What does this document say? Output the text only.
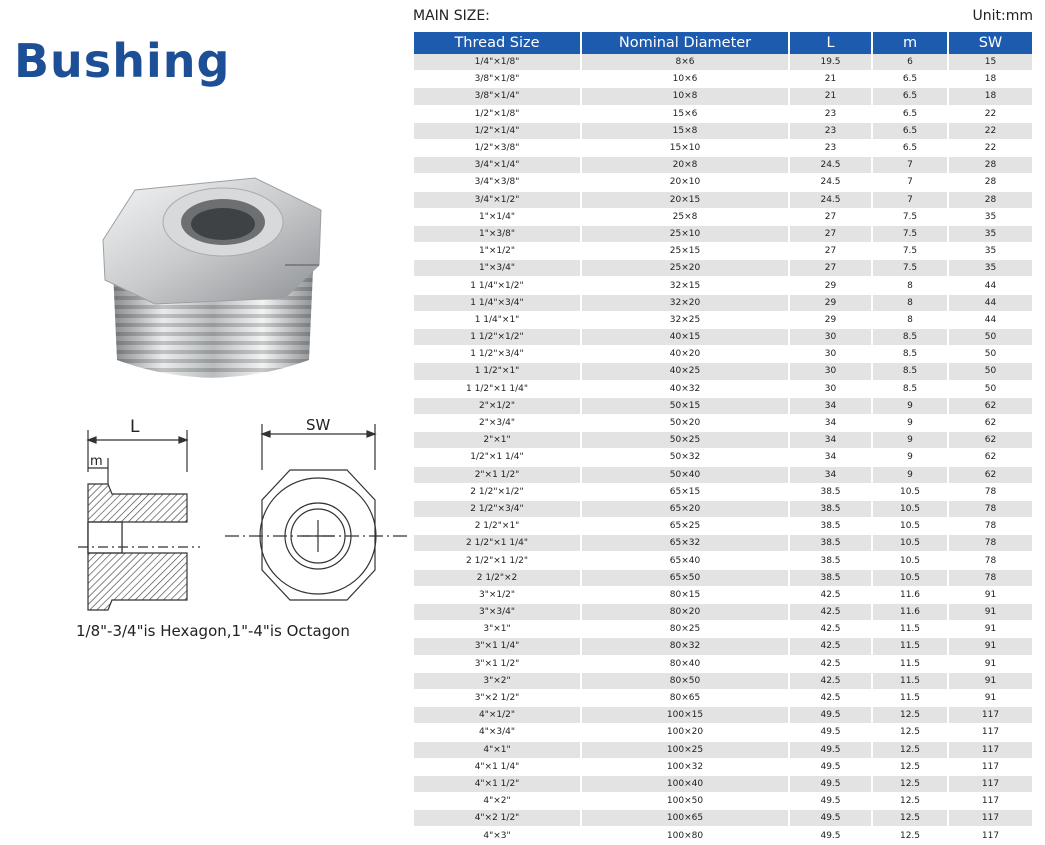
Bushing
L
m
SW
1/8"-3/4"is Hexagon,1"-4"is Octagon
MAIN SIZE:	Unit:mm
Thread Size	Nominal Diameter	L	m	SW
1/4"×1/8"	8×6	19.5	6	15
3/8"×1/8"	10×6	21	6.5	18
3/8"×1/4"	10×8	21	6.5	18
1/2"×1/8"	15×6	23	6.5	22
1/2"×1/4"	15×8	23	6.5	22
1/2"×3/8"	15×10	23	6.5	22
3/4"×1/4"	20×8	24.5	7	28
3/4"×3/8"	20×10	24.5	7	28
3/4"×1/2"	20×15	24.5	7	28
1"×1/4"	25×8	27	7.5	35
1"×3/8"	25×10	27	7.5	35
1"×1/2"	25×15	27	7.5	35
1"×3/4"	25×20	27	7.5	35
1 1/4"×1/2"	32×15	29	8	44
1 1/4"×3/4"	32×20	29	8	44
1 1/4"×1"	32×25	29	8	44
1 1/2"×1/2"	40×15	30	8.5	50
1 1/2"×3/4"	40×20	30	8.5	50
1 1/2"×1"	40×25	30	8.5	50
1 1/2"×1 1/4"	40×32	30	8.5	50
2"×1/2"	50×15	34	9	62
2"×3/4"	50×20	34	9	62
2"×1"	50×25	34	9	62
1/2"×1 1/4"	50×32	34	9	62
2"×1 1/2"	50×40	34	9	62
2 1/2"×1/2"	65×15	38.5	10.5	78
2 1/2"×3/4"	65×20	38.5	10.5	78
2 1/2"×1"	65×25	38.5	10.5	78
2 1/2"×1 1/4"	65×32	38.5	10.5	78
2 1/2"×1 1/2"	65×40	38.5	10.5	78
2 1/2"×2	65×50	38.5	10.5	78
3"×1/2"	80×15	42.5	11.6	91
3"×3/4"	80×20	42.5	11.6	91
3"×1"	80×25	42.5	11.5	91
3"×1 1/4"	80×32	42.5	11.5	91
3"×1 1/2"	80×40	42.5	11.5	91
3"×2"	80×50	42.5	11.5	91
3"×2 1/2"	80×65	42.5	11.5	91
4"×1/2"	100×15	49.5	12.5	117
4"×3/4"	100×20	49.5	12.5	117
4"×1"	100×25	49.5	12.5	117
4"×1 1/4"	100×32	49.5	12.5	117
4"×1 1/2"	100×40	49.5	12.5	117
4"×2"	100×50	49.5	12.5	117
4"×2 1/2"	100×65	49.5	12.5	117
4"×3"	100×80	49.5	12.5	117
